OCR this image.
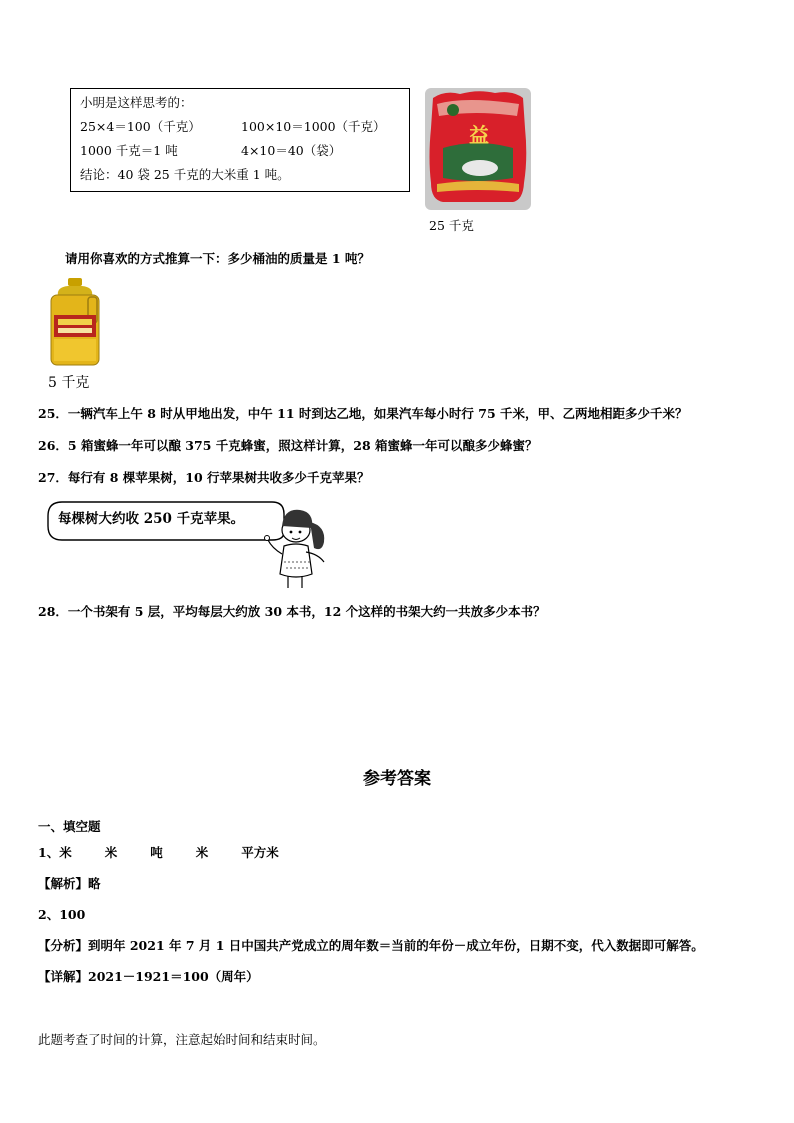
小明是这样思考的：
25×4＝100（千克）	100×10＝1000（千克）
1000 千克＝1 吨	4×10＝40（袋）
结论：40 袋 25 千克的大米重 1 吨。
益
25 千克
请用你喜欢的方式推算一下：多少桶油的质量是 1 吨？
5 千克
25．一辆汽车上午 8 时从甲地出发，中午 11 时到达乙地，如果汽车每小时行 75 千米，甲、乙两地相距多少千米？
26．5 箱蜜蜂一年可以酿 375 千克蜂蜜，照这样计算，28 箱蜜蜂一年可以酿多少蜂蜜？
27．每行有 8 棵苹果树，10 行苹果树共收多少千克苹果？
每棵树大约收 250 千克苹果。
28．一个书架有 5 层，平均每层大约放 30 本书，12 个这样的书架大约一共放多少本书？
参考答案
一、填空题
1、米	米	吨	米	平方米
【解析】略
2、100
【分析】到明年 2021 年 7 月 1 日中国共产党成立的周年数＝当前的年份－成立年份，日期不变，代入数据即可解答。
【详解】2021－1921＝100（周年）
此题考查了时间的计算，注意起始时间和结束时间。
